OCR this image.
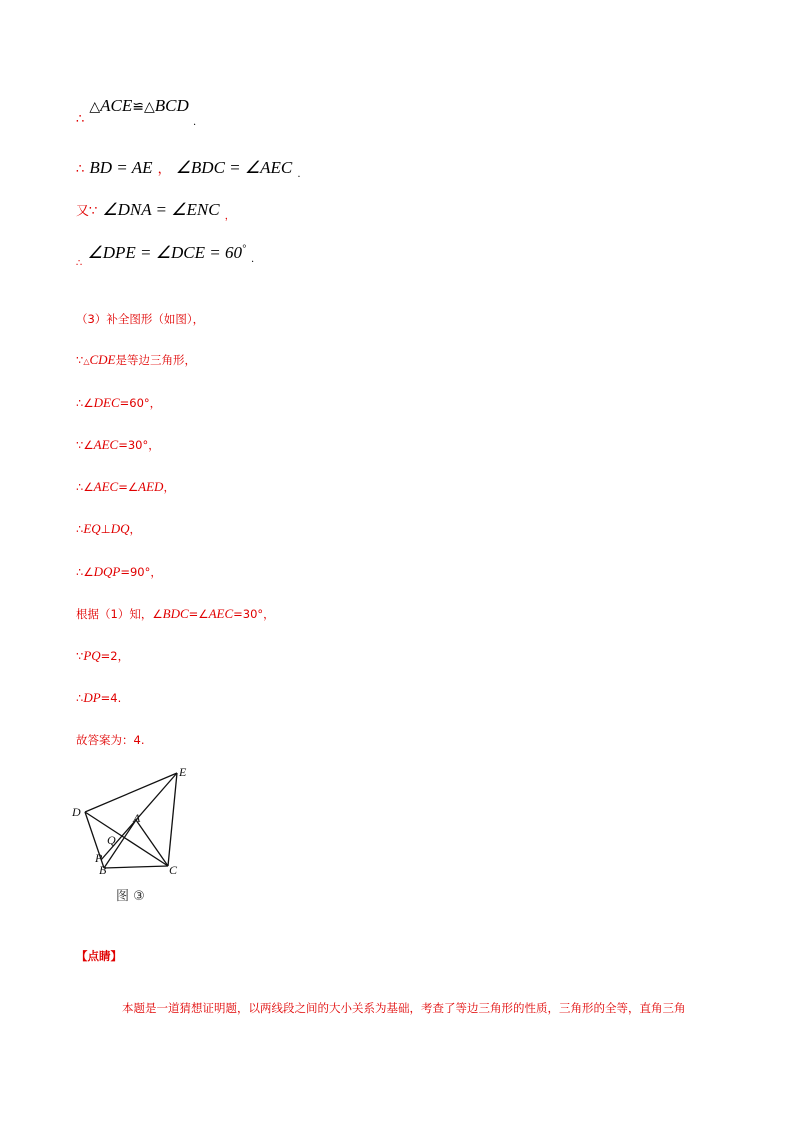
$_\therefore$ △ACE≌△BCD $_.$
∴ BD = AE ， ∠BDC = ∠AEC $_.$
又∵ ∠DNA = ∠ENC $_,$
$_\therefore$ ∠DPE = ∠DCE = 60° $_.$
（3）补全图形（如图），
∵△CDE是等边三角形，
∴∠DEC=60°，
∵∠AEC=30°，
∴∠AEC=∠AED，
∴EQ⊥DQ，
∴∠DQP=90°，
根据（1）知，∠BDC=∠AEC=30°，
∵PQ=2，
∴DP=4.
故答案为：4.
E
D	A
Q
P
B	C
图 ③
【点睛】
本题是一道猜想证明题，以两线段之间的大小关系为基础，考查了等边三角形的性质，三角形的全等，直角三角
